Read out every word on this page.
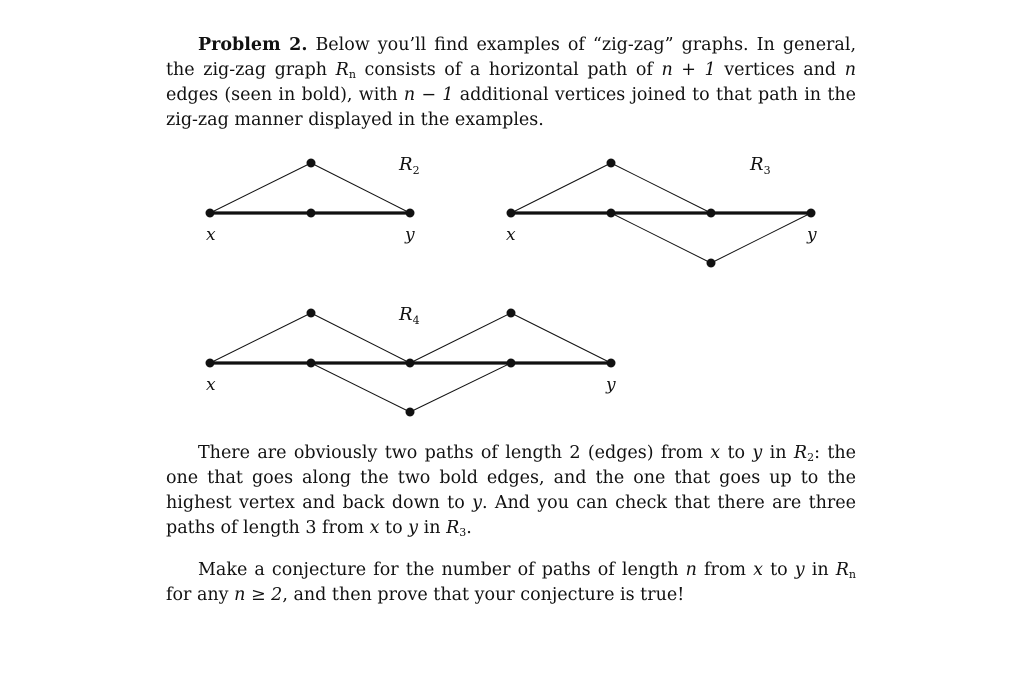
Problem 2. Below you’ll find examples of “zig-zag” graphs. In general, the zig-zag graph $R_n$ consists of a horizontal path of n + 1 vertices and n edges (seen in bold), with n − 1 additional vertices joined to that path in the zig-zag manner displayed in the examples.

$R_2$
x	y
$R_3$
x	y
$R_4$
x	y

There are obviously two paths of length 2 (edges) from x to y in $R_2$: the one that goes along the two bold edges, and the one that goes up to the highest vertex and back down to y. And you can check that there are three paths of length 3 from x to y in $R_3$.

Make a conjecture for the number of paths of length n from x to y in $R_n$ for any n ≥ 2, and then prove that your conjecture is true!
